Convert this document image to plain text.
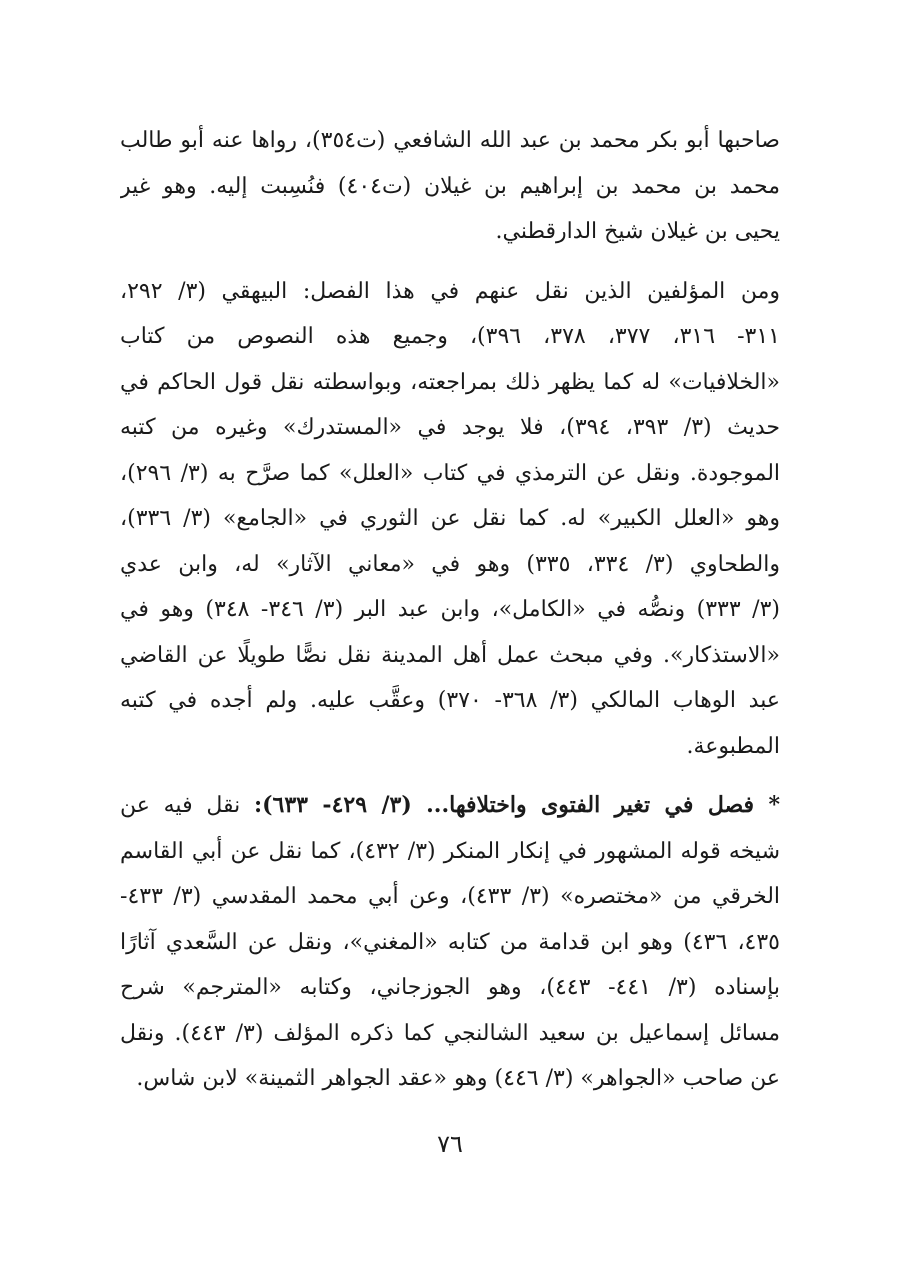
صاحبها أبو بكر محمد بن عبد الله الشافعي (ت٣٥٤)، رواها عنه أبو طالب
محمد بن محمد بن إبراهيم بن غيلان (ت٤٠٤) فنُسِبت إليه. وهو غير
يحيى بن غيلان شيخ الدارقطني.
ومن المؤلفين الذين نقل عنهم في هذا الفصل: البيهقي (٣/ ٢٩٢،
٣١١- ٣١٦، ٣٧٧، ٣٧٨، ٣٩٦)، وجميع هذه النصوص من كتاب
«الخلافيات» له كما يظهر ذلك بمراجعته، وبواسطته نقل قول الحاكم في
حديث (٣/ ٣٩٣، ٣٩٤)، فلا يوجد في «المستدرك» وغيره من كتبه
الموجودة. ونقل عن الترمذي في كتاب «العلل» كما صرَّح به (٣/ ٢٩٦)،
وهو «العلل الكبير» له. كما نقل عن الثوري في «الجامع» (٣/ ٣٣٦)،
والطحاوي (٣/ ٣٣٤، ٣٣٥) وهو في «معاني الآثار» له، وابن عدي
(٣/ ٣٣٣) ونصُّه في «الكامل»، وابن عبد البر (٣/ ٣٤٦- ٣٤٨) وهو في
«الاستذكار». وفي مبحث عمل أهل المدينة نقل نصًّا طويلًا عن القاضي
عبد الوهاب المالكي (٣/ ٣٦٨- ٣٧٠) وعقَّب عليه. ولم أجده في كتبه
المطبوعة.
* فصل في تغير الفتوى واختلافها... (٣/ ٤٢٩- ٦٣٣): نقل فيه عن
شيخه قوله المشهور في إنكار المنكر (٣/ ٤٣٢)، كما نقل عن أبي القاسم
الخرقي من «مختصره» (٣/ ٤٣٣)، وعن أبي محمد المقدسي (٣/ ٤٣٣-
٤٣٥، ٤٣٦) وهو ابن قدامة من كتابه «المغني»، ونقل عن السَّعدي آثارًا
بإسناده (٣/ ٤٤١- ٤٤٣)، وهو الجوزجاني، وكتابه «المترجم» شرح
مسائل إسماعيل بن سعيد الشالنجي كما ذكره المؤلف (٣/ ٤٤٣). ونقل
عن صاحب «الجواهر» (٣/ ٤٤٦) وهو «عقد الجواهر الثمينة» لابن شاس.
٧٦
